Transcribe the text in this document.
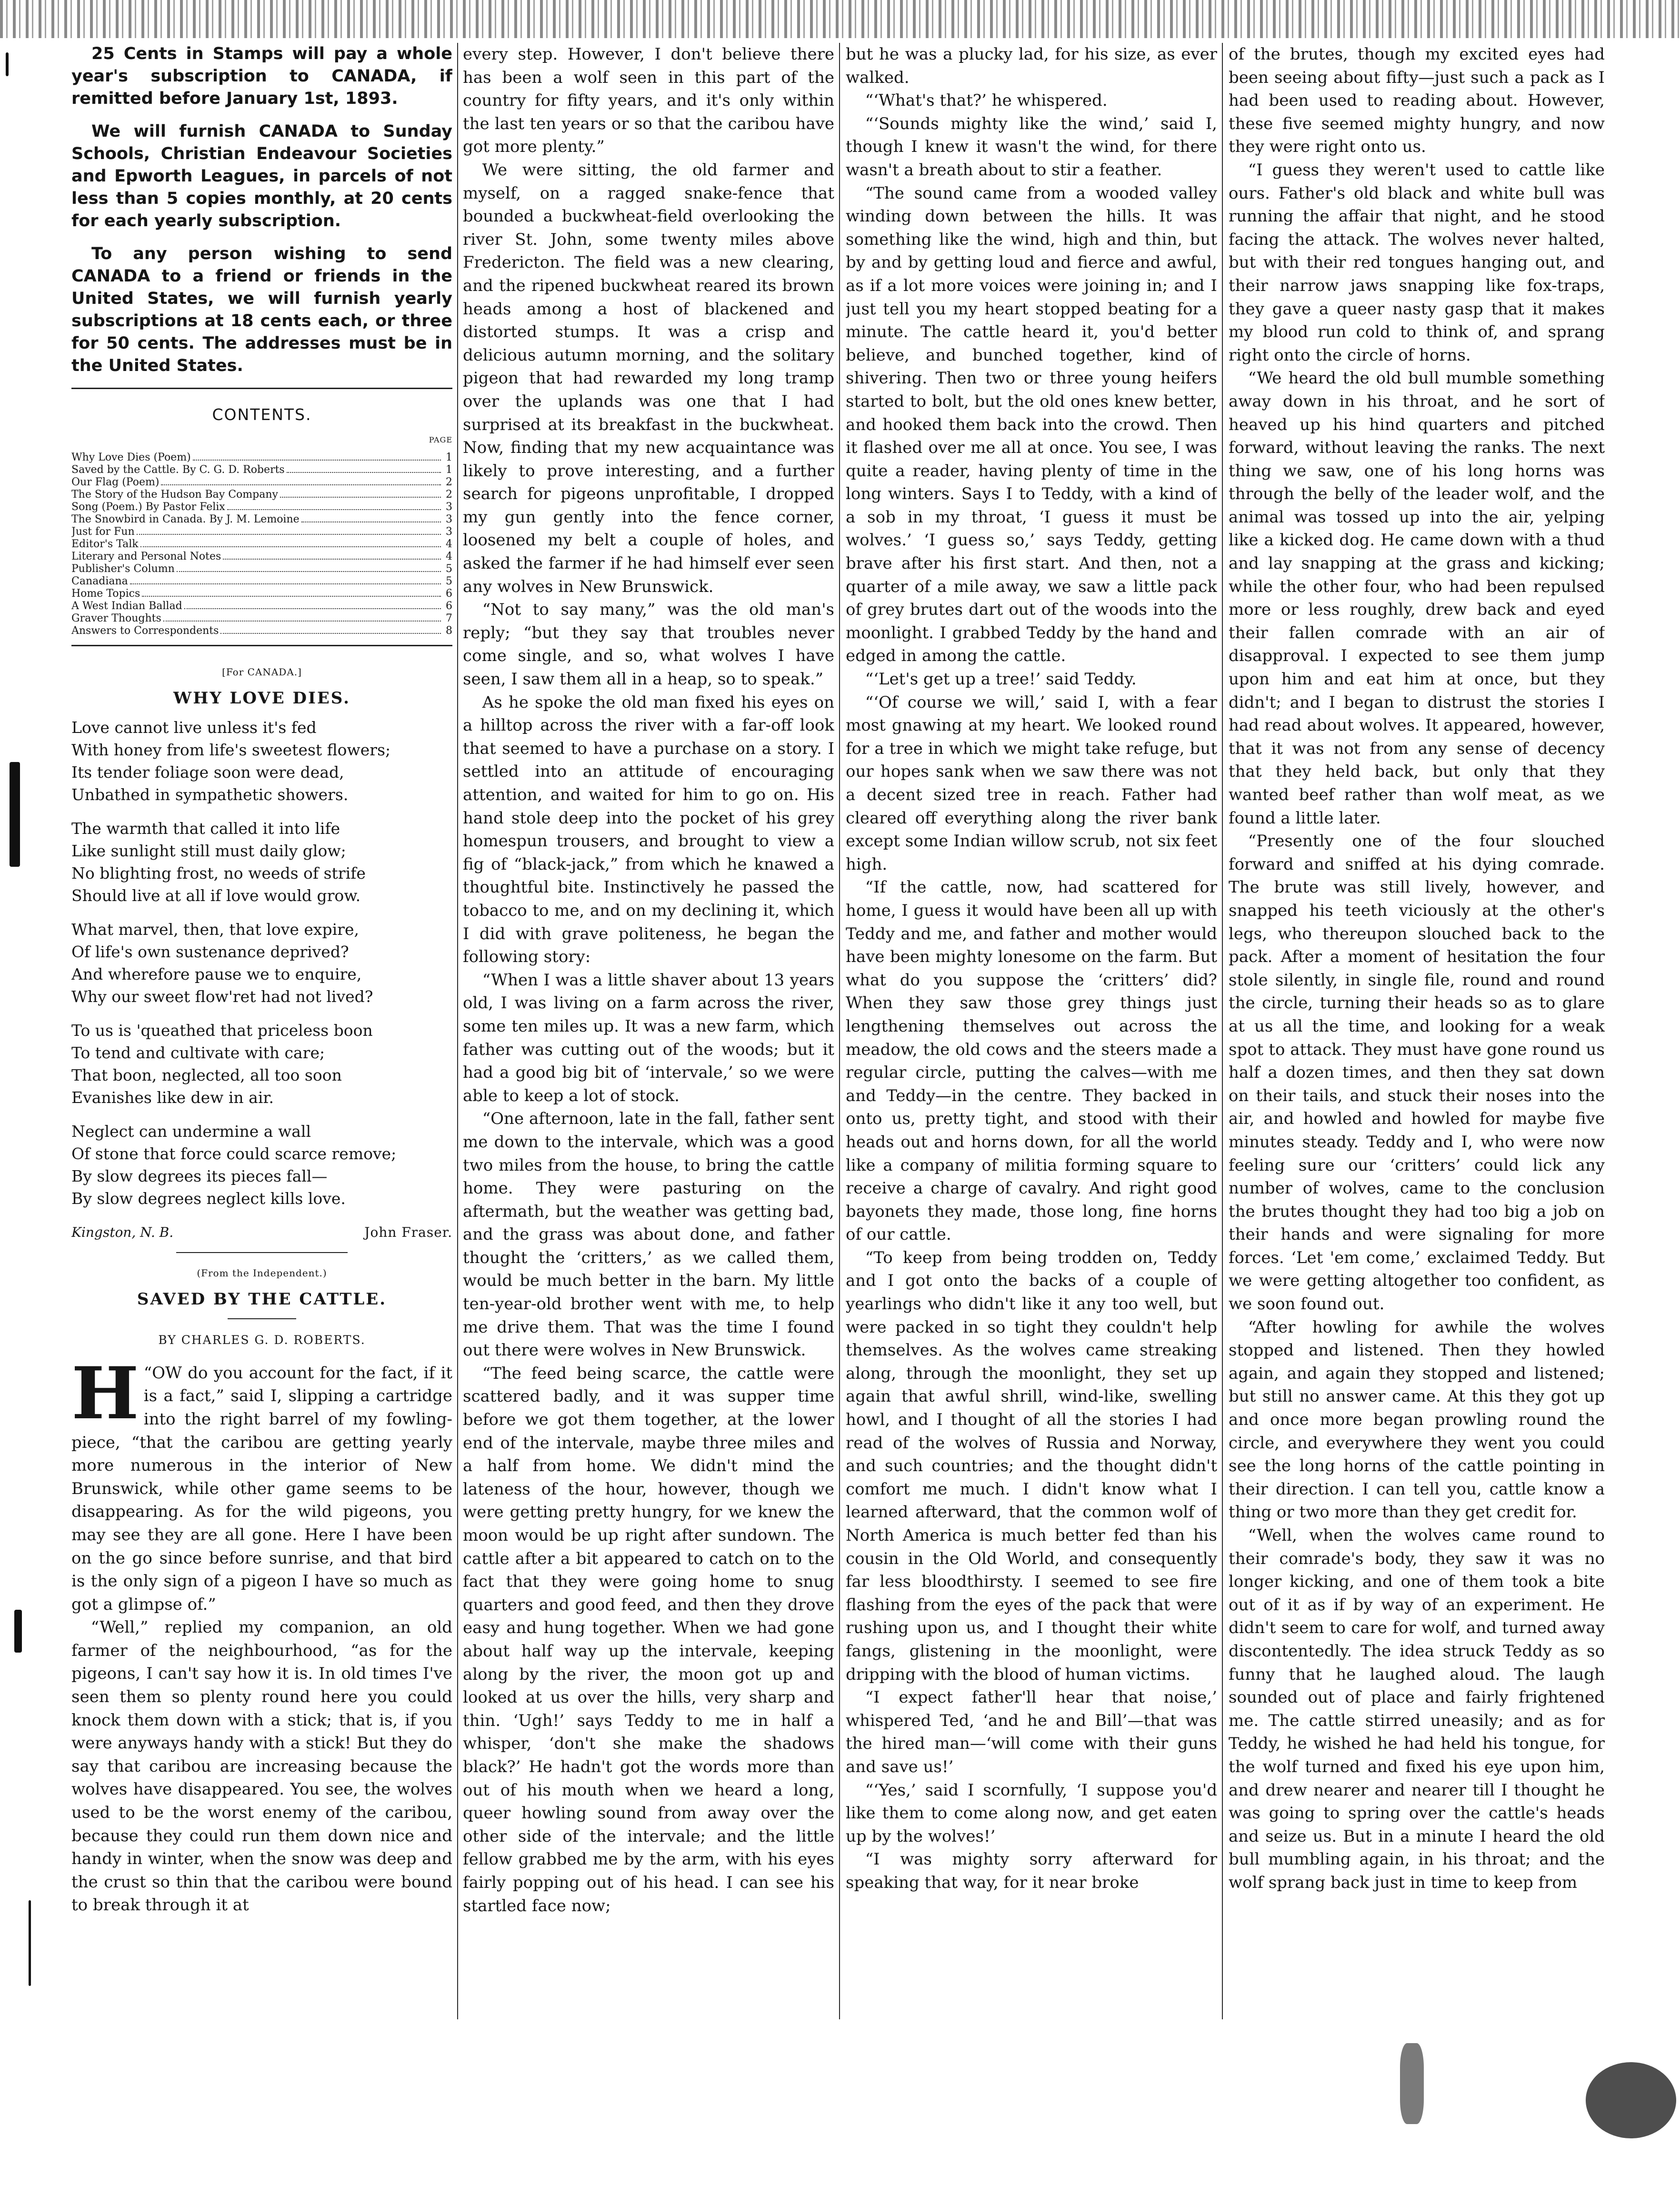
25 Cents in Stamps will pay a whole year's subscription to CANADA, if remitted before January 1st, 1893.

We will furnish CANADA to Sunday Schools, Christian Endeavour Societies and Epworth Leagues, in parcels of not less than 5 copies monthly, at 20 cents for each yearly subscription.

To any person wishing to send CANADA to a friend or friends in the United States, we will furnish yearly subscriptions at 18 cents each, or three for 50 cents. The addresses must be in the United States.

CONTENTS.
PAGE
Why Love Dies (Poem)	1
Saved by the Cattle. By C. G. D. Roberts	1
Our Flag (Poem)	2
The Story of the Hudson Bay Company	2
Song (Poem.) By Pastor Felix	3
The Snowbird in Canada. By J. M. Lemoine	3
Just for Fun	3
Editor's Talk	4
Literary and Personal Notes	4
Publisher's Column	5
Canadiana	5
Home Topics	6
A West Indian Ballad	6
Graver Thoughts	7
Answers to Correspondents	8
[For CANADA.]
WHY LOVE DIES.
Love cannot live unless it's fed
With honey from life's sweetest flowers;
Its tender foliage soon were dead,
Unbathed in sympathetic showers.
The warmth that called it into life
Like sunlight still must daily glow;
No blighting frost, no weeds of strife
Should live at all if love would grow.
What marvel, then, that love expire,
Of life's own sustenance deprived?
And wherefore pause we to enquire,
Why our sweet flow'ret had not lived?
To us is 'queathed that priceless boon
To tend and cultivate with care;
That boon, neglected, all too soon
Evanishes like dew in air.
Neglect can undermine a wall
Of stone that force could scarce remove;
By slow degrees its pieces fall—
By slow degrees neglect kills love.
Kingston, N. B.	John Fraser.
(From the Independent.)
SAVED BY THE CATTLE.
BY CHARLES G. D. ROBERTS.

H “OW do you account for the fact, if it is a fact,” said I, slipping a cartridge into the right barrel of my fowling-piece, “that the caribou are getting yearly more numerous in the interior of New Brunswick, while other game seems to be disappearing. As for the wild pigeons, you may see they are all gone. Here I have been on the go since before sunrise, and that bird is the only sign of a pigeon I have so much as got a glimpse of.”

“Well,” replied my companion, an old farmer of the neighbourhood, “as for the pigeons, I can't say how it is. In old times I've seen them so plenty round here you could knock them down with a stick; that is, if you were anyways handy with a stick! But they do say that caribou are increasing because the wolves have disappeared. You see, the wolves used to be the worst enemy of the caribou, because they could run them down nice and handy in winter, when the snow was deep and the crust so thin that the caribou were bound to break through it at

every step. However, I don't believe there has been a wolf seen in this part of the country for fifty years, and it's only within the last ten years or so that the caribou have got more plenty.”

We were sitting, the old farmer and myself, on a ragged snake-fence that bounded a buckwheat-field overlooking the river St. John, some twenty miles above Fredericton. The field was a new clearing, and the ripened buckwheat reared its brown heads among a host of blackened and distorted stumps. It was a crisp and delicious autumn morning, and the solitary pigeon that had rewarded my long tramp over the uplands was one that I had surprised at its breakfast in the buckwheat. Now, finding that my new acquaintance was likely to prove interesting, and a further search for pigeons unprofitable, I dropped my gun gently into the fence corner, loosened my belt a couple of holes, and asked the farmer if he had himself ever seen any wolves in New Brunswick.

“Not to say many,” was the old man's reply; “but they say that troubles never come single, and so, what wolves I have seen, I saw them all in a heap, so to speak.”

As he spoke the old man fixed his eyes on a hilltop across the river with a far-off look that seemed to have a purchase on a story. I settled into an attitude of encouraging attention, and waited for him to go on. His hand stole deep into the pocket of his grey homespun trousers, and brought to view a fig of “black-jack,” from which he knawed a thoughtful bite. Instinctively he passed the tobacco to me, and on my declining it, which I did with grave politeness, he began the following story:

“When I was a little shaver about 13 years old, I was living on a farm across the river, some ten miles up. It was a new farm, which father was cutting out of the woods; but it had a good big bit of ‘intervale,’ so we were able to keep a lot of stock.

“One afternoon, late in the fall, father sent me down to the intervale, which was a good two miles from the house, to bring the cattle home. They were pasturing on the aftermath, but the weather was getting bad, and the grass was about done, and father thought the ‘critters,’ as we called them, would be much better in the barn. My little ten-year-old brother went with me, to help me drive them. That was the time I found out there were wolves in New Brunswick.

“The feed being scarce, the cattle were scattered badly, and it was supper time before we got them together, at the lower end of the intervale, maybe three miles and a half from home. We didn't mind the lateness of the hour, however, though we were getting pretty hungry, for we knew the moon would be up right after sundown. The cattle after a bit appeared to catch on to the fact that they were going home to snug quarters and good feed, and then they drove easy and hung together. When we had gone about half way up the intervale, keeping along by the river, the moon got up and looked at us over the hills, very sharp and thin. ‘Ugh!’ says Teddy to me in half a whisper, ‘don't she make the shadows black?’ He hadn't got the words more than out of his mouth when we heard a long, queer howling sound from away over the other side of the intervale; and the little fellow grabbed me by the arm, with his eyes fairly popping out of his head. I can see his startled face now;

but he was a plucky lad, for his size, as ever walked.

“‘What's that?’ he whispered.

“‘Sounds mighty like the wind,’ said I, though I knew it wasn't the wind, for there wasn't a breath about to stir a feather.

“The sound came from a wooded valley winding down between the hills. It was something like the wind, high and thin, but by and by getting loud and fierce and awful, as if a lot more voices were joining in; and I just tell you my heart stopped beating for a minute. The cattle heard it, you'd better believe, and bunched together, kind of shivering. Then two or three young heifers started to bolt, but the old ones knew better, and hooked them back into the crowd. Then it flashed over me all at once. You see, I was quite a reader, having plenty of time in the long winters. Says I to Teddy, with a kind of a sob in my throat, ‘I guess it must be wolves.’ ‘I guess so,’ says Teddy, getting brave after his first start. And then, not a quarter of a mile away, we saw a little pack of grey brutes dart out of the woods into the moonlight. I grabbed Teddy by the hand and edged in among the cattle.

“‘Let's get up a tree!’ said Teddy.

“‘Of course we will,’ said I, with a fear most gnawing at my heart. We looked round for a tree in which we might take refuge, but our hopes sank when we saw there was not a decent sized tree in reach. Father had cleared off everything along the river bank except some Indian willow scrub, not six feet high.

“If the cattle, now, had scattered for home, I guess it would have been all up with Teddy and me, and father and mother would have been mighty lonesome on the farm. But what do you suppose the ‘critters’ did? When they saw those grey things just lengthening themselves out across the meadow, the old cows and the steers made a regular circle, putting the calves—with me and Teddy—in the centre. They backed in onto us, pretty tight, and stood with their heads out and horns down, for all the world like a company of militia forming square to receive a charge of cavalry. And right good bayonets they made, those long, fine horns of our cattle.

“To keep from being trodden on, Teddy and I got onto the backs of a couple of yearlings who didn't like it any too well, but were packed in so tight they couldn't help themselves. As the wolves came streaking along, through the moonlight, they set up again that awful shrill, wind-like, swelling howl, and I thought of all the stories I had read of the wolves of Russia and Norway, and such countries; and the thought didn't comfort me much. I didn't know what I learned afterward, that the common wolf of North America is much better fed than his cousin in the Old World, and consequently far less bloodthirsty. I seemed to see fire flashing from the eyes of the pack that were rushing upon us, and I thought their white fangs, glistening in the moonlight, were dripping with the blood of human victims.

“I expect father'll hear that noise,’ whispered Ted, ‘and he and Bill’—that was the hired man—‘will come with their guns and save us!’

“‘Yes,’ said I scornfully, ‘I suppose you'd like them to come along now, and get eaten up by the wolves!’

“I was mighty sorry afterward for speaking that way, for it near broke

of the brutes, though my excited eyes had been seeing about fifty—just such a pack as I had been used to reading about. However, these five seemed mighty hungry, and now they were right onto us.

“I guess they weren't used to cattle like ours. Father's old black and white bull was running the affair that night, and he stood facing the attack. The wolves never halted, but with their red tongues hanging out, and their narrow jaws snapping like fox-traps, they gave a queer nasty gasp that it makes my blood run cold to think of, and sprang right onto the circle of horns.

“We heard the old bull mumble something away down in his throat, and he sort of heaved up his hind quarters and pitched forward, without leaving the ranks. The next thing we saw, one of his long horns was through the belly of the leader wolf, and the animal was tossed up into the air, yelping like a kicked dog. He came down with a thud and lay snapping at the grass and kicking; while the other four, who had been repulsed more or less roughly, drew back and eyed their fallen comrade with an air of disapproval. I expected to see them jump upon him and eat him at once, but they didn't; and I began to distrust the stories I had read about wolves. It appeared, however, that it was not from any sense of decency that they held back, but only that they wanted beef rather than wolf meat, as we found a little later.

“Presently one of the four slouched forward and sniffed at his dying comrade. The brute was still lively, however, and snapped his teeth viciously at the other's legs, who thereupon slouched back to the pack. After a moment of hesitation the four stole silently, in single file, round and round the circle, turning their heads so as to glare at us all the time, and looking for a weak spot to attack. They must have gone round us half a dozen times, and then they sat down on their tails, and stuck their noses into the air, and howled and howled for maybe five minutes steady. Teddy and I, who were now feeling sure our ‘critters’ could lick any number of wolves, came to the conclusion the brutes thought they had too big a job on their hands and were signaling for more forces. ‘Let 'em come,’ exclaimed Teddy. But we were getting altogether too confident, as we soon found out.

“After howling for awhile the wolves stopped and listened. Then they howled again, and again they stopped and listened; but still no answer came. At this they got up and once more began prowling round the circle, and everywhere they went you could see the long horns of the cattle pointing in their direction. I can tell you, cattle know a thing or two more than they get credit for.

“Well, when the wolves came round to their comrade's body, they saw it was no longer kicking, and one of them took a bite out of it as if by way of an experiment. He didn't seem to care for wolf, and turned away discontentedly. The idea struck Teddy as so funny that he laughed aloud. The laugh sounded out of place and fairly frightened me. The cattle stirred uneasily; and as for Teddy, he wished he had held his tongue, for the wolf turned and fixed his eye upon him, and drew nearer and nearer till I thought he was going to spring over the cattle's heads and seize us. But in a minute I heard the old bull mumbling again, in his throat; and the wolf sprang back just in time to keep from
